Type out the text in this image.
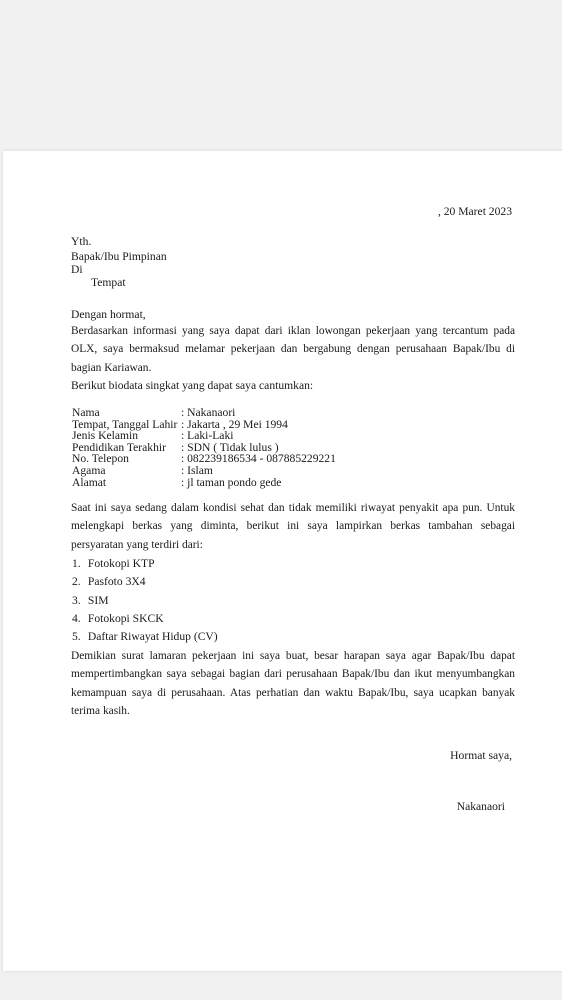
, 20 Maret 2023
Yth.
Bapak/Ibu Pimpinan
Di
Tempat
Dengan hormat,
Berdasarkan informasi yang saya dapat dari iklan lowongan pekerjaan yang tercantum pada OLX, saya bermaksud melamar pekerjaan dan bergabung dengan perusahaan Bapak/Ibu di bagian Kariawan.
Berikut biodata singkat yang dapat saya cantumkan:
Nama	: Nakanaori
Tempat, Tanggal Lahir : Jakarta , 29 Mei 1994
Jenis Kelamin	: Laki-Laki
Pendidikan Terakhir : SDN ( Tidak lulus )
No. Telepon	: 082239186534 - 087885229221
Agama	: Islam
Alamat	: jl taman pondo gede
Saat ini saya sedang dalam kondisi sehat dan tidak memiliki riwayat penyakit apa pun. Untuk melengkapi berkas yang diminta, berikut ini saya lampirkan berkas tambahan sebagai persyaratan yang terdiri dari:
1. Fotokopi KTP
2. Pasfoto 3X4
3. SIM
4. Fotokopi SKCK
5. Daftar Riwayat Hidup (CV)
Demikian surat lamaran pekerjaan ini saya buat, besar harapan saya agar Bapak/Ibu dapat mempertimbangkan saya sebagai bagian dari perusahaan Bapak/Ibu dan ikut menyumbangkan kemampuan saya di perusahaan. Atas perhatian dan waktu Bapak/Ibu, saya ucapkan banyak terima kasih.
Hormat saya,
Nakanaori
